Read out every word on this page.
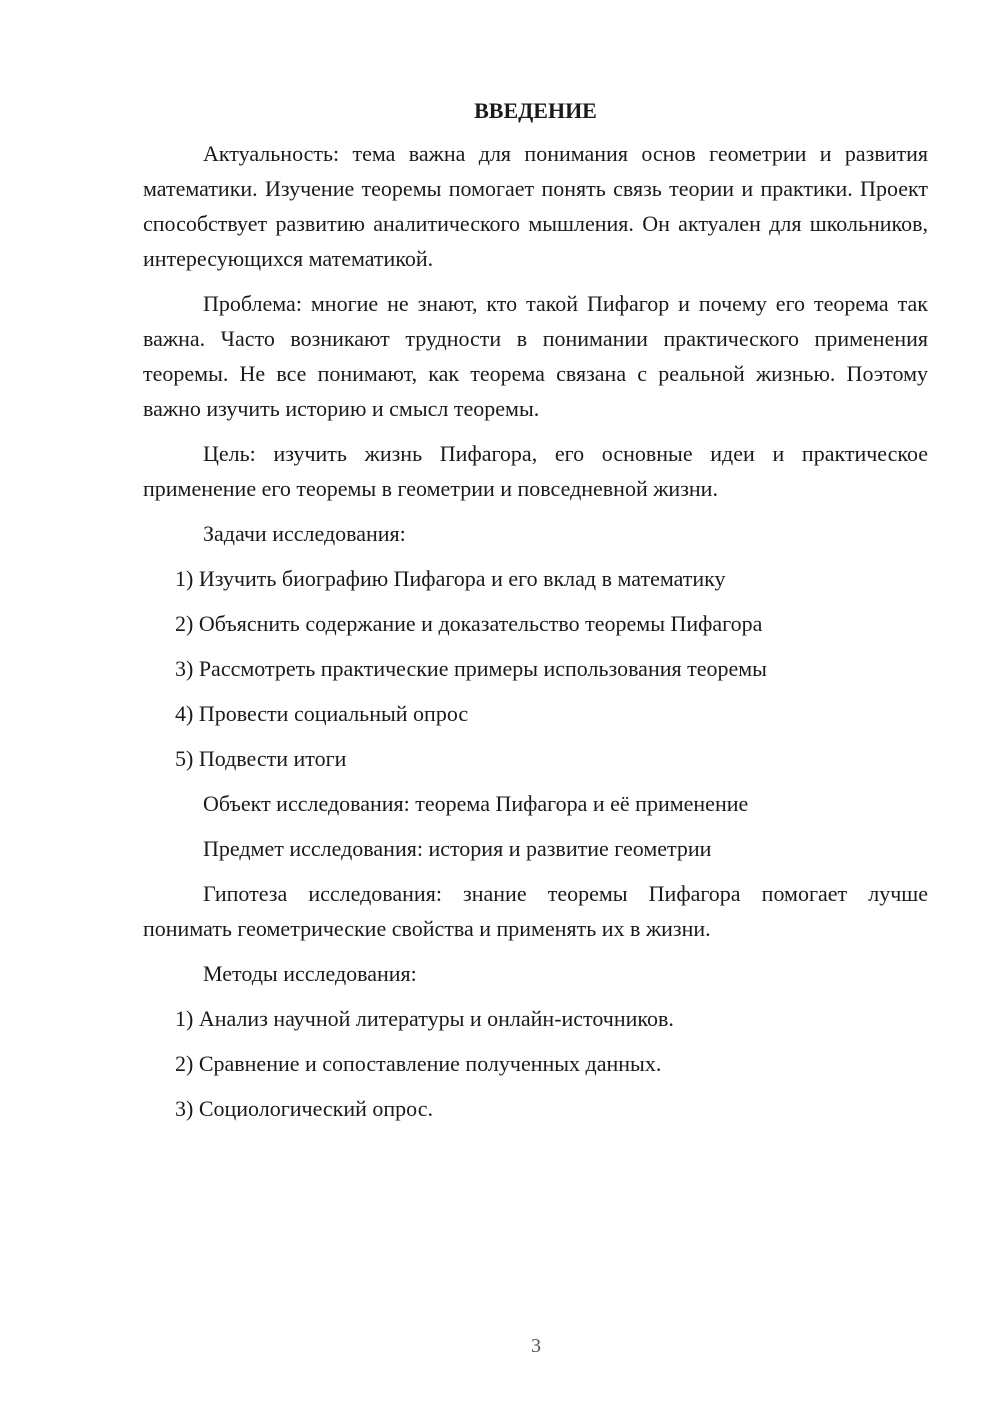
ВВЕДЕНИЕ

Актуальность: тема важна для понимания основ геометрии и развития математики. Изучение теоремы помогает понять связь теории и практики. Проект способствует развитию аналитического мышления. Он актуален для школьников, интересующихся математикой.

Проблема: многие не знают, кто такой Пифагор и почему его теорема так важна. Часто возникают трудности в понимании практического применения теоремы. Не все понимают, как теорема связана с реальной жизнью. Поэтому важно изучить историю и смысл теоремы.

Цель: изучить жизнь Пифагора, его основные идеи и практическое применение его теоремы в геометрии и повседневной жизни.

Задачи исследования:

1) Изучить биографию Пифагора и его вклад в математику

2) Объяснить содержание и доказательство теоремы Пифагора

3) Рассмотреть практические примеры использования теоремы

4) Провести социальный опрос

5) Подвести итоги

Объект исследования: теорема Пифагора и её применение

Предмет исследования: история и развитие геометрии

Гипотеза исследования: знание теоремы Пифагора помогает лучше понимать геометрические свойства и применять их в жизни.

Методы исследования:

1) Анализ научной литературы и онлайн-источников.

2) Сравнение и сопоставление полученных данных.

3) Социологический опрос.

3
